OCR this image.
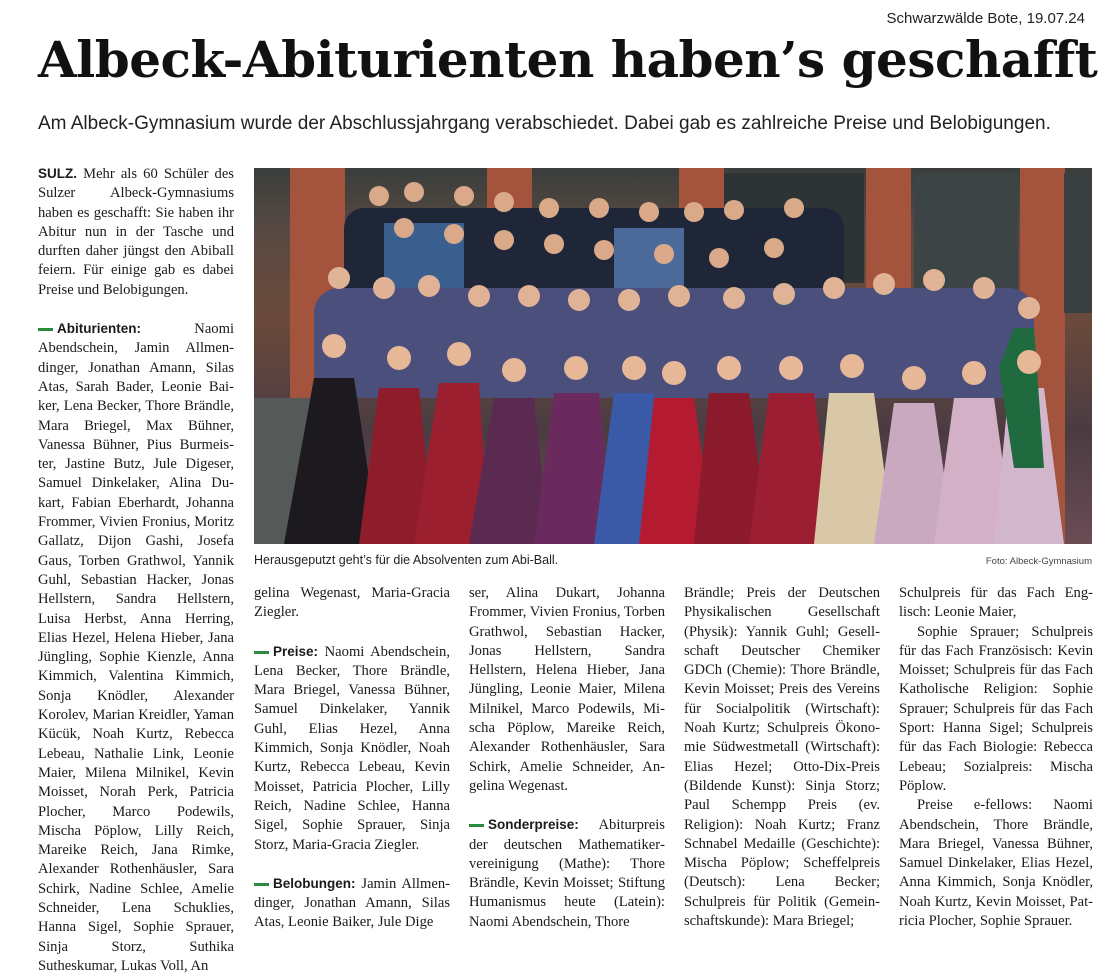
Schwarzwälde Bote, 19.07.24
Albeck-Abiturienten haben’s geschafft

Am Albeck-Gymnasium wurde der Abschlussjahrgang verabschiedet. Dabei gab es zahlreiche Preise und Belobigungen.

SULZ. Mehr als 60 Schüler des Sulzer Albeck-Gymnasiums haben es geschafft: Sie haben ihr Abitur nun in der Tasche und durften daher jüngst den Abiball feiern. Für einige gab es dabei Preise und Belobigungen.

Abiturienten: Naomi Abendschein, Jamin Allmendinger, Jonathan Amann, Silas Atas, Sarah Bader, Leonie Baiker, Lena Becker, Thore Brändle, Mara Briegel, Max Bühner, Vanessa Bühner, Pius Burmeister, Jastine Butz, Jule Digeser, Samuel Dinkelaker, Alina Dukart, Fabian Eberhardt, Johanna Frommer, Vivien Fronius, Moritz Gallatz, Dijon Gashi, Josefa Gaus, Torben Grathwol, Yannik Guhl, Sebastian Hacker, Jonas Hellstern, Sandra Hellstern, Luisa Herbst, Anna Herring, Elias Hezel, Helena Hieber, Jana Jüngling, Sophie Kienzle, Anna Kimmich, Valentina Kimmich, Sonja Knödler, Alexander Korolev, Marian Kreidler, Yaman Kücük, Noah Kurtz, Rebecca Lebeau, Nathalie Link, Leonie Maier, Milena Milnikel, Kevin Moisset, Norah Perk, Patricia Plocher, Marco Podewils, Mischa Pöplow, Lilly Reich, Mareike Reich, Jana Rimke, Alexander Rothenhäusler, Sara Schirk, Nadine Schlee, Amelie Schneider, Lena Schuklies, Hanna Sigel, Sophie Sprauer, Sinja Storz, Suthika Sutheskumar, Lukas Voll, An

Herausgeputzt geht’s für die Absolventen zum Abi-Ball.	Foto: Albeck-Gymnasium

gelina Wegenast, Maria-Gracia Ziegler.

Preise: Naomi Abendschein, Lena Becker, Thore Brändle, Mara Briegel, Vanessa Bühner, Samuel Dinkelaker, Yannik Guhl, Elias Hezel, Anna Kimmich, Sonja Knödler, Noah Kurtz, Rebecca Lebeau, Kevin Moisset, Patricia Plocher, Lilly Reich, Nadine Schlee, Hanna Sigel, Sophie Sprauer, Sinja Storz, Maria-Gracia Ziegler.

Belobungen: Jamin Allmendinger, Jonathan Amann, Silas Atas, Leonie Baiker, Jule Dige

ser, Alina Dukart, Johanna Frommer, Vivien Fronius, Torben Grathwol, Sebastian Hacker, Jonas Hellstern, Sandra Hellstern, Helena Hieber, Jana Jüngling, Leonie Maier, Milena Milnikel, Marco Podewils, Mischa Pöplow, Mareike Reich, Alexander Rothenhäusler, Sara Schirk, Amelie Schneider, Angelina Wegenast.

Sonderpreise: Abiturpreis der deutschen Mathematikervereinigung (Mathe): Thore Brändle, Kevin Moisset; Stiftung Humanismus heute (Latein): Naomi Abendschein, Thore

Brändle; Preis der Deutschen Physikalischen Gesellschaft (Physik): Yannik Guhl; Gesellschaft Deutscher Chemiker GDCh (Chemie): Thore Brändle, Kevin Moisset; Preis des Vereins für Socialpolitik (Wirtschaft): Noah Kurtz; Schulpreis Ökonomie Südwestmetall (Wirtschaft): Elias Hezel; Otto-Dix-Preis (Bildende Kunst): Sinja Storz; Paul Schempp Preis (ev. Religion): Noah Kurtz; Franz Schnabel Medaille (Geschichte): Mischa Pöplow; Scheffelpreis (Deutsch): Lena Becker; Schulpreis für Politik (Gemeinschaftskunde): Mara Briegel;

Schulpreis für das Fach Englisch: Leonie Maier,

Sophie Sprauer; Schulpreis für das Fach Französisch: Kevin Moisset; Schulpreis für das Fach Katholische Religion: Sophie Sprauer; Schulpreis für das Fach Sport: Hanna Sigel; Schulpreis für das Fach Biologie: Rebecca Lebeau; Sozialpreis: Mischa Pöplow.

Preise e-fellows: Naomi Abendschein, Thore Brändle, Mara Briegel, Vanessa Bühner, Samuel Dinkelaker, Elias Hezel, Anna Kimmich, Sonja Knödler, Noah Kurtz, Kevin Moisset, Patricia Plocher, Sophie Sprauer.
